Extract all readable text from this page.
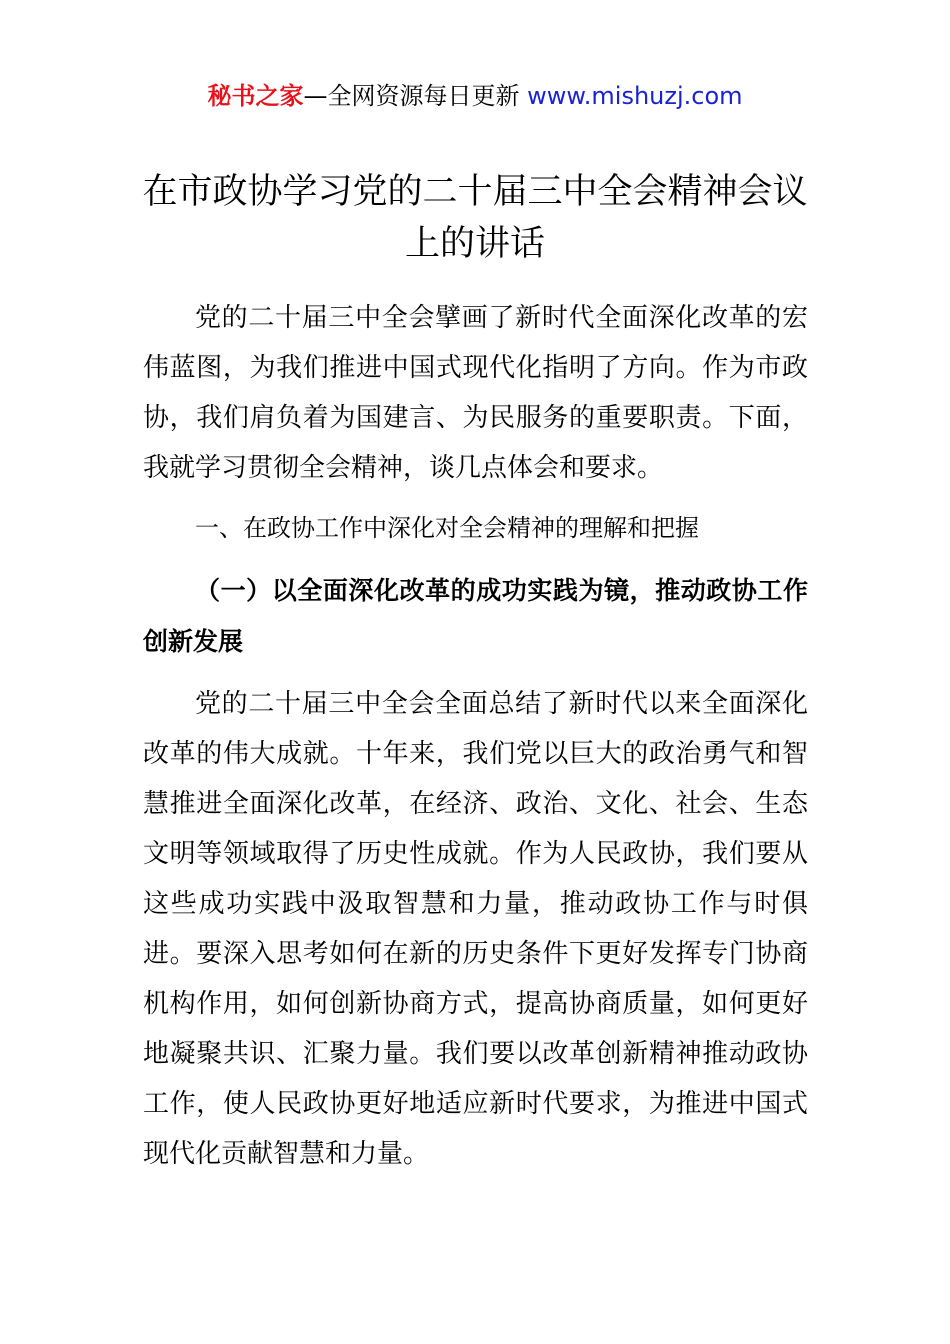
秘书之家—全网资源每日更新 www.mishuzj.com
在市政协学习党的二十届三中全会精神会议上的讲话

党的二十届三中全会擘画了新时代全面深化改革的宏伟蓝图，为我们推进中国式现代化指明了方向。作为市政协，我们肩负着为国建言、为民服务的重要职责。下面，我就学习贯彻全会精神，谈几点体会和要求。

一、在政协工作中深化对全会精神的理解和把握

（一）以全面深化改革的成功实践为镜，推动政协工作创新发展

党的二十届三中全会全面总结了新时代以来全面深化改革的伟大成就。十年来，我们党以巨大的政治勇气和智慧推进全面深化改革，在经济、政治、文化、社会、生态文明等领域取得了历史性成就。作为人民政协，我们要从这些成功实践中汲取智慧和力量，推动政协工作与时俱进。要深入思考如何在新的历史条件下更好发挥专门协商机构作用，如何创新协商方式，提高协商质量，如何更好地凝聚共识、汇聚力量。我们要以改革创新精神推动政协工作，使人民政协更好地适应新时代要求，为推进中国式现代化贡献智慧和力量。
